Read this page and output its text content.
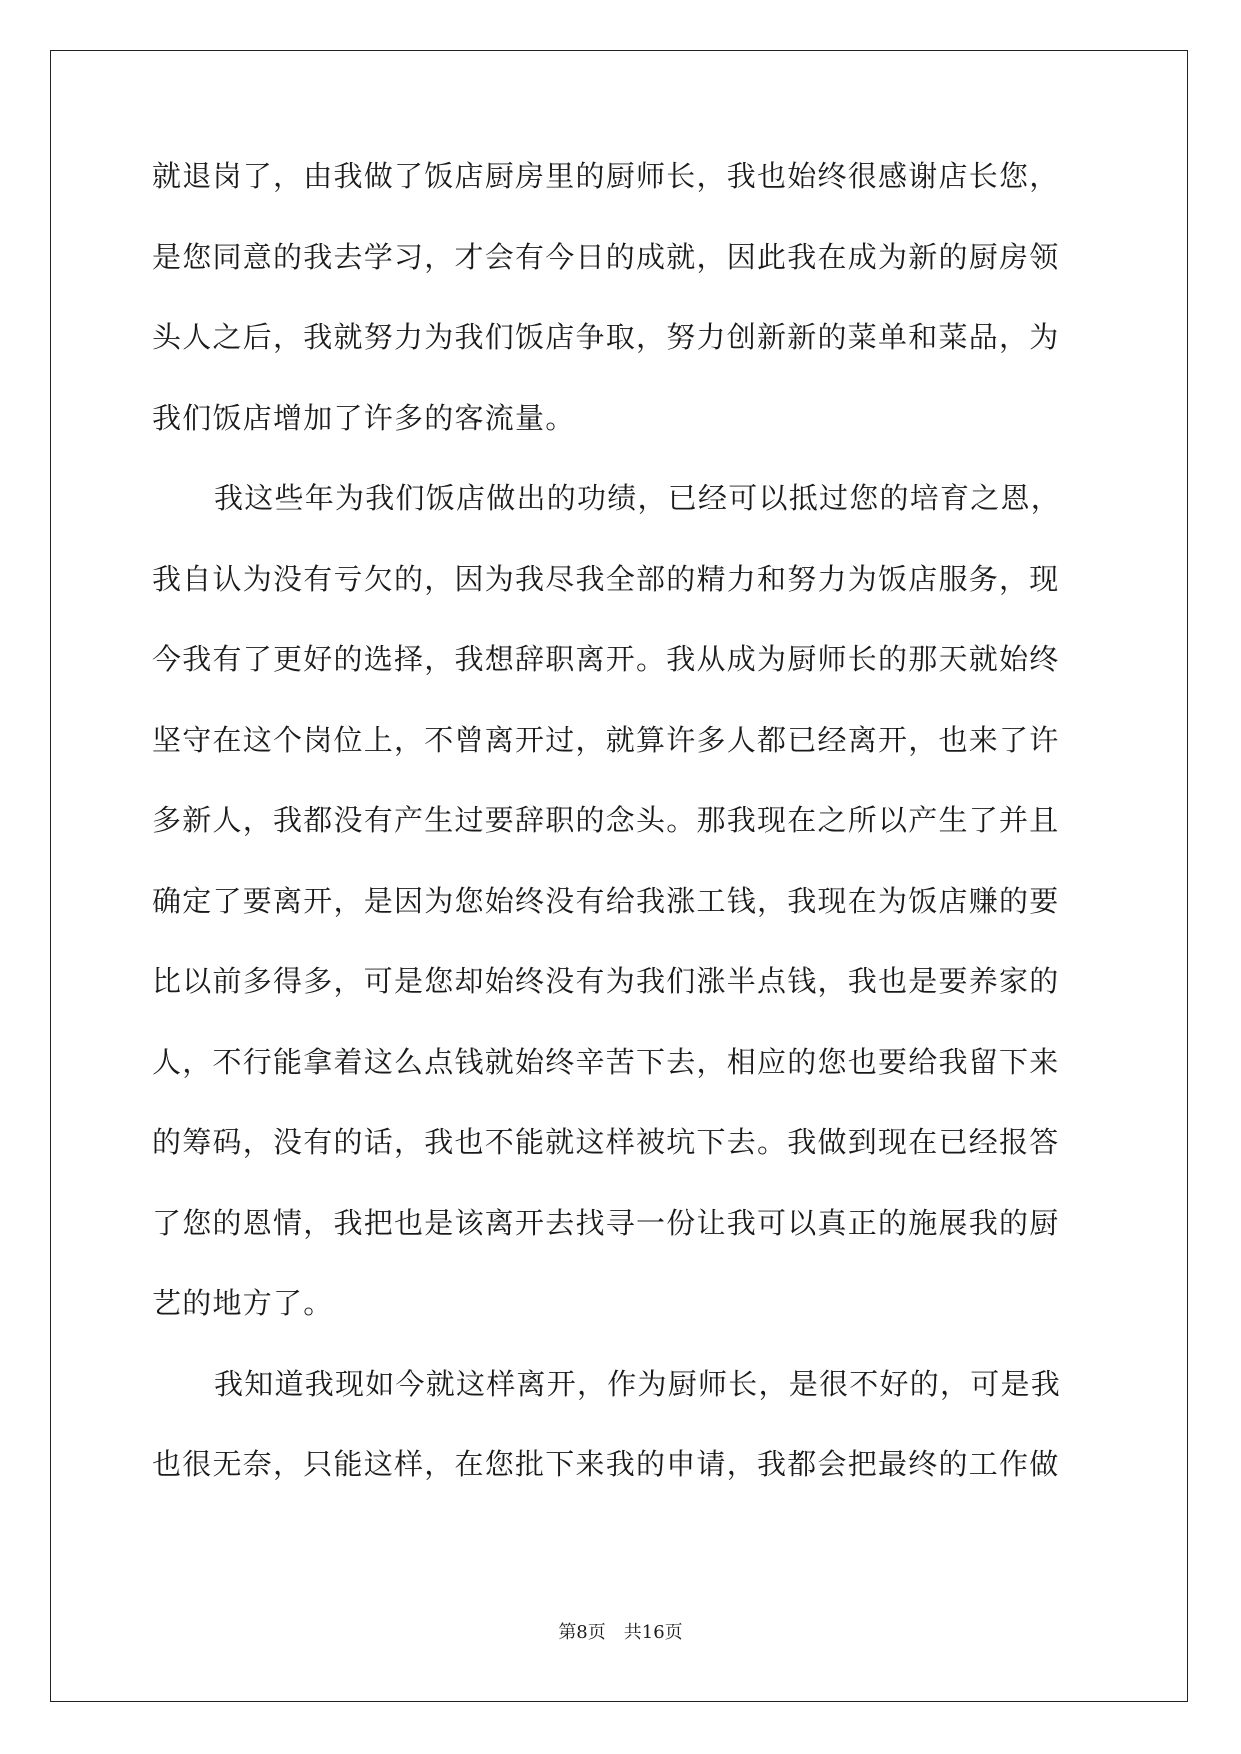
就退岗了，由我做了饭店厨房里的厨师长，我也始终很感谢店长您，
是您同意的我去学习，才会有今日的成就，因此我在成为新的厨房领
头人之后，我就努力为我们饭店争取，努力创新新的菜单和菜品，为
我们饭店增加了许多的客流量。
我这些年为我们饭店做出的功绩，已经可以抵过您的培育之恩，
我自认为没有亏欠的，因为我尽我全部的精力和努力为饭店服务，现
今我有了更好的选择，我想辞职离开。我从成为厨师长的那天就始终
坚守在这个岗位上，不曾离开过，就算许多人都已经离开，也来了许
多新人，我都没有产生过要辞职的念头。那我现在之所以产生了并且
确定了要离开，是因为您始终没有给我涨工钱，我现在为饭店赚的要
比以前多得多，可是您却始终没有为我们涨半点钱，我也是要养家的
人，不行能拿着这么点钱就始终辛苦下去，相应的您也要给我留下来
的筹码，没有的话，我也不能就这样被坑下去。我做到现在已经报答
了您的恩情，我把也是该离开去找寻一份让我可以真正的施展我的厨
艺的地方了。
我知道我现如今就这样离开，作为厨师长，是很不好的，可是我
也很无奈，只能这样，在您批下来我的申请，我都会把最终的工作做
第8页　共16页
